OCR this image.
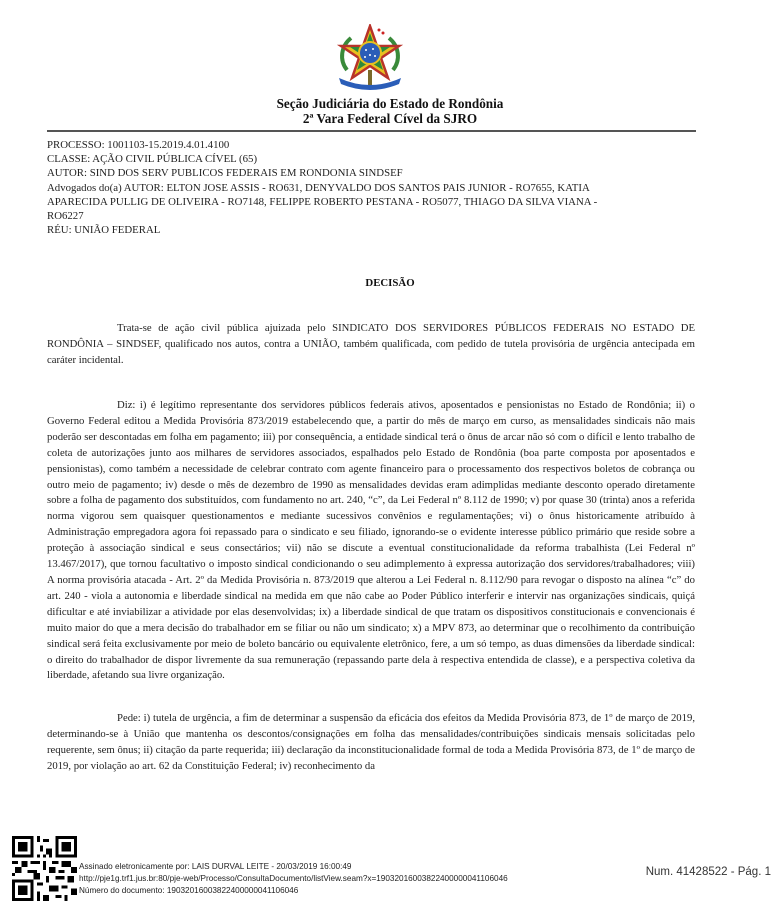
Seção Judiciária do Estado de Rondônia
2ª Vara Federal Cível da SJRO
PROCESSO: 1001103-15.2019.4.01.4100
CLASSE: AÇÃO CIVIL PÚBLICA CÍVEL (65)
AUTOR: SIND DOS SERV PUBLICOS FEDERAIS EM RONDONIA SINDSEF
Advogados do(a) AUTOR: ELTON JOSE ASSIS - RO631, DENYVALDO DOS SANTOS PAIS JUNIOR - RO7655, KATIA
APARECIDA PULLIG DE OLIVEIRA - RO7148, FELIPPE ROBERTO PESTANA - RO5077, THIAGO DA SILVA VIANA -
RO6227
RÉU: UNIÃO FEDERAL
DECISÃO
Trata-se de ação civil pública ajuizada pelo SINDICATO DOS SERVIDORES PÚBLICOS FEDERAIS NO ESTADO DE RONDÔNIA – SINDSEF, qualificado nos autos, contra a UNIÃO, também qualificada, com pedido de tutela provisória de urgência antecipada em caráter incidental.
Diz: i) é legítimo representante dos servidores públicos federais ativos, aposentados e pensionistas no Estado de Rondônia; ii) o Governo Federal editou a Medida Provisória 873/2019 estabelecendo que, a partir do mês de março em curso, as mensalidades sindicais não mais poderão ser descontadas em folha em pagamento; iii) por consequência, a entidade sindical terá o ônus de arcar não só com o difícil e lento trabalho de coleta de autorizações junto aos milhares de servidores associados, espalhados pelo Estado de Rondônia (boa parte composta por aposentados e pensionistas), como também a necessidade de celebrar contrato com agente financeiro para o processamento dos respectivos boletos de cobrança ou outro meio de pagamento; iv) desde o mês de dezembro de 1990 as mensalidades devidas eram adimplidas mediante desconto operado diretamente sobre a folha de pagamento dos substituídos, com fundamento no art. 240, “c”, da Lei Federal nº 8.112 de 1990; v) por quase 30 (trinta) anos a referida norma vigorou sem quaisquer questionamentos e mediante sucessivos convênios e regulamentações; vi) o ônus historicamente atribuído à Administração empregadora agora foi repassado para o sindicato e seu filiado, ignorando-se o evidente interesse público primário que reside sobre a proteção à associação sindical e seus consectários; vii) não se discute a eventual constitucionalidade da reforma trabalhista (Lei Federal nº 13.467/2017), que tornou facultativo o imposto sindical condicionando o seu adimplemento à expressa autorização dos servidores/trabalhadores; viii) A norma provisória atacada - Art. 2º da Medida Provisória n. 873/2019 que alterou a Lei Federal n. 8.112/90 para revogar o disposto na alínea “c” do art. 240 - viola a autonomia e liberdade sindical na medida em que não cabe ao Poder Público interferir e intervir nas organizações sindicais, quiçá dificultar e até inviabilizar a atividade por elas desenvolvidas; ix) a liberdade sindical de que tratam os dispositivos constitucionais e convencionais é muito maior do que a mera decisão do trabalhador em se filiar ou não um sindicato; x) a MPV 873, ao determinar que o recolhimento da contribuição sindical será feita exclusivamente por meio de boleto bancário ou equivalente eletrônico, fere, a um só tempo, as duas dimensões da liberdade sindical: o direito do trabalhador de dispor livremente da sua remuneração (repassando parte dela à respectiva entendida de classe), e a perspectiva coletiva da liberdade, afetando sua livre organização.
Pede: i) tutela de urgência, a fim de determinar a suspensão da eficácia dos efeitos da Medida Provisória 873, de 1º de março de 2019, determinando-se à União que mantenha os descontos/consignações em folha das mensalidades/contribuições sindicais mensais solicitadas pelo requerente, sem ônus; ii) citação da parte requerida; iii) declaração da inconstitucionalidade formal de toda a Medida Provisória 873, de 1º de março de 2019, por violação ao art. 62 da Constituição Federal; iv) reconhecimento da
Assinado eletronicamente por: LAIS DURVAL LEITE - 20/03/2019 16:00:49
http://pje1g.trf1.jus.br:80/pje-web/Processo/ConsultaDocumento/listView.seam?x=19032016003822400000041106046
Número do documento: 19032016003822400000041106046
Num. 41428522 - Pág. 1
